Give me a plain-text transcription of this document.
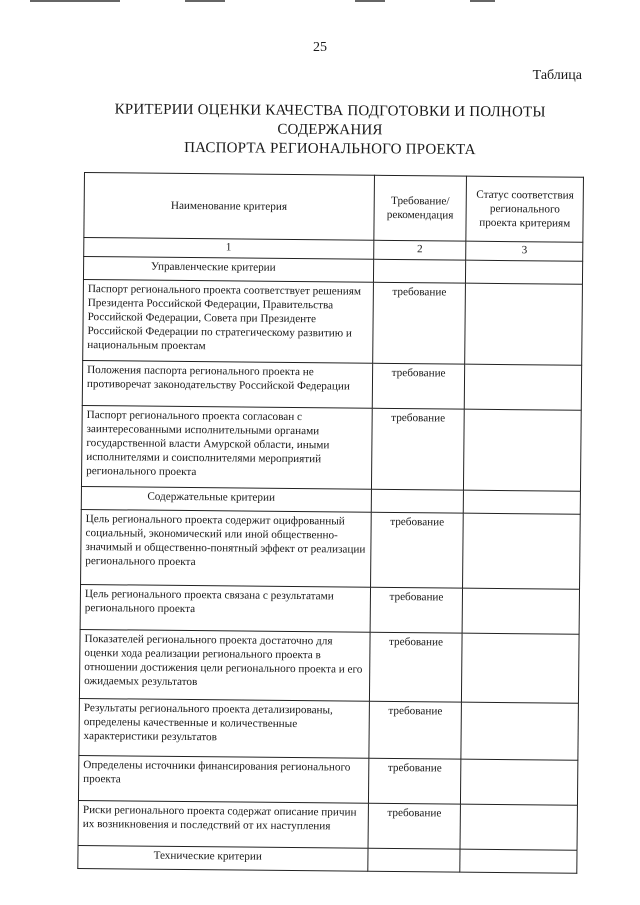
25
Таблица
КРИТЕРИИ ОЦЕНКИ КАЧЕСТВА ПОДГОТОВКИ И ПОЛНОТЫ
СОДЕРЖАНИЯ
ПАСПОРТА РЕГИОНАЛЬНОГО ПРОЕКТА
Наименование критерия	Требование/ рекомендация	Статус соответствия регионального проекта критериям
1	2	3
Управленческие критерии		
Паспорт регионального проекта соответствует решениям Президента Российской Федерации, Правительства Российской Федерации, Совета при Президенте Российской Федерации по стратегическому развитию и национальным проектам	требование	
Положения паспорта регионального проекта не противоречат законодательству Российской Федерации	требование	
Паспорт регионального проекта согласован с заинтересованными исполнительными органами государственной власти Амурской области, иными исполнителями и соисполнителями мероприятий регионального проекта	требование	
Содержательные критерии		
Цель регионального проекта содержит оцифрованный социальный, экономический или иной общественно-значимый и общественно-понятный эффект от реализации регионального проекта	требование	
Цель регионального проекта связана с результатами регионального проекта	требование	
Показателей регионального проекта достаточно для оценки хода реализации регионального проекта в отношении достижения цели регионального проекта и его ожидаемых результатов	требование	
Результаты регионального проекта детализированы, определены качественные и количественные характеристики результатов	требование	
Определены источники финансирования регионального проекта	требование	
Риски регионального проекта содержат описание причин их возникновения и последствий от их наступления	требование	
Технические критерии		
